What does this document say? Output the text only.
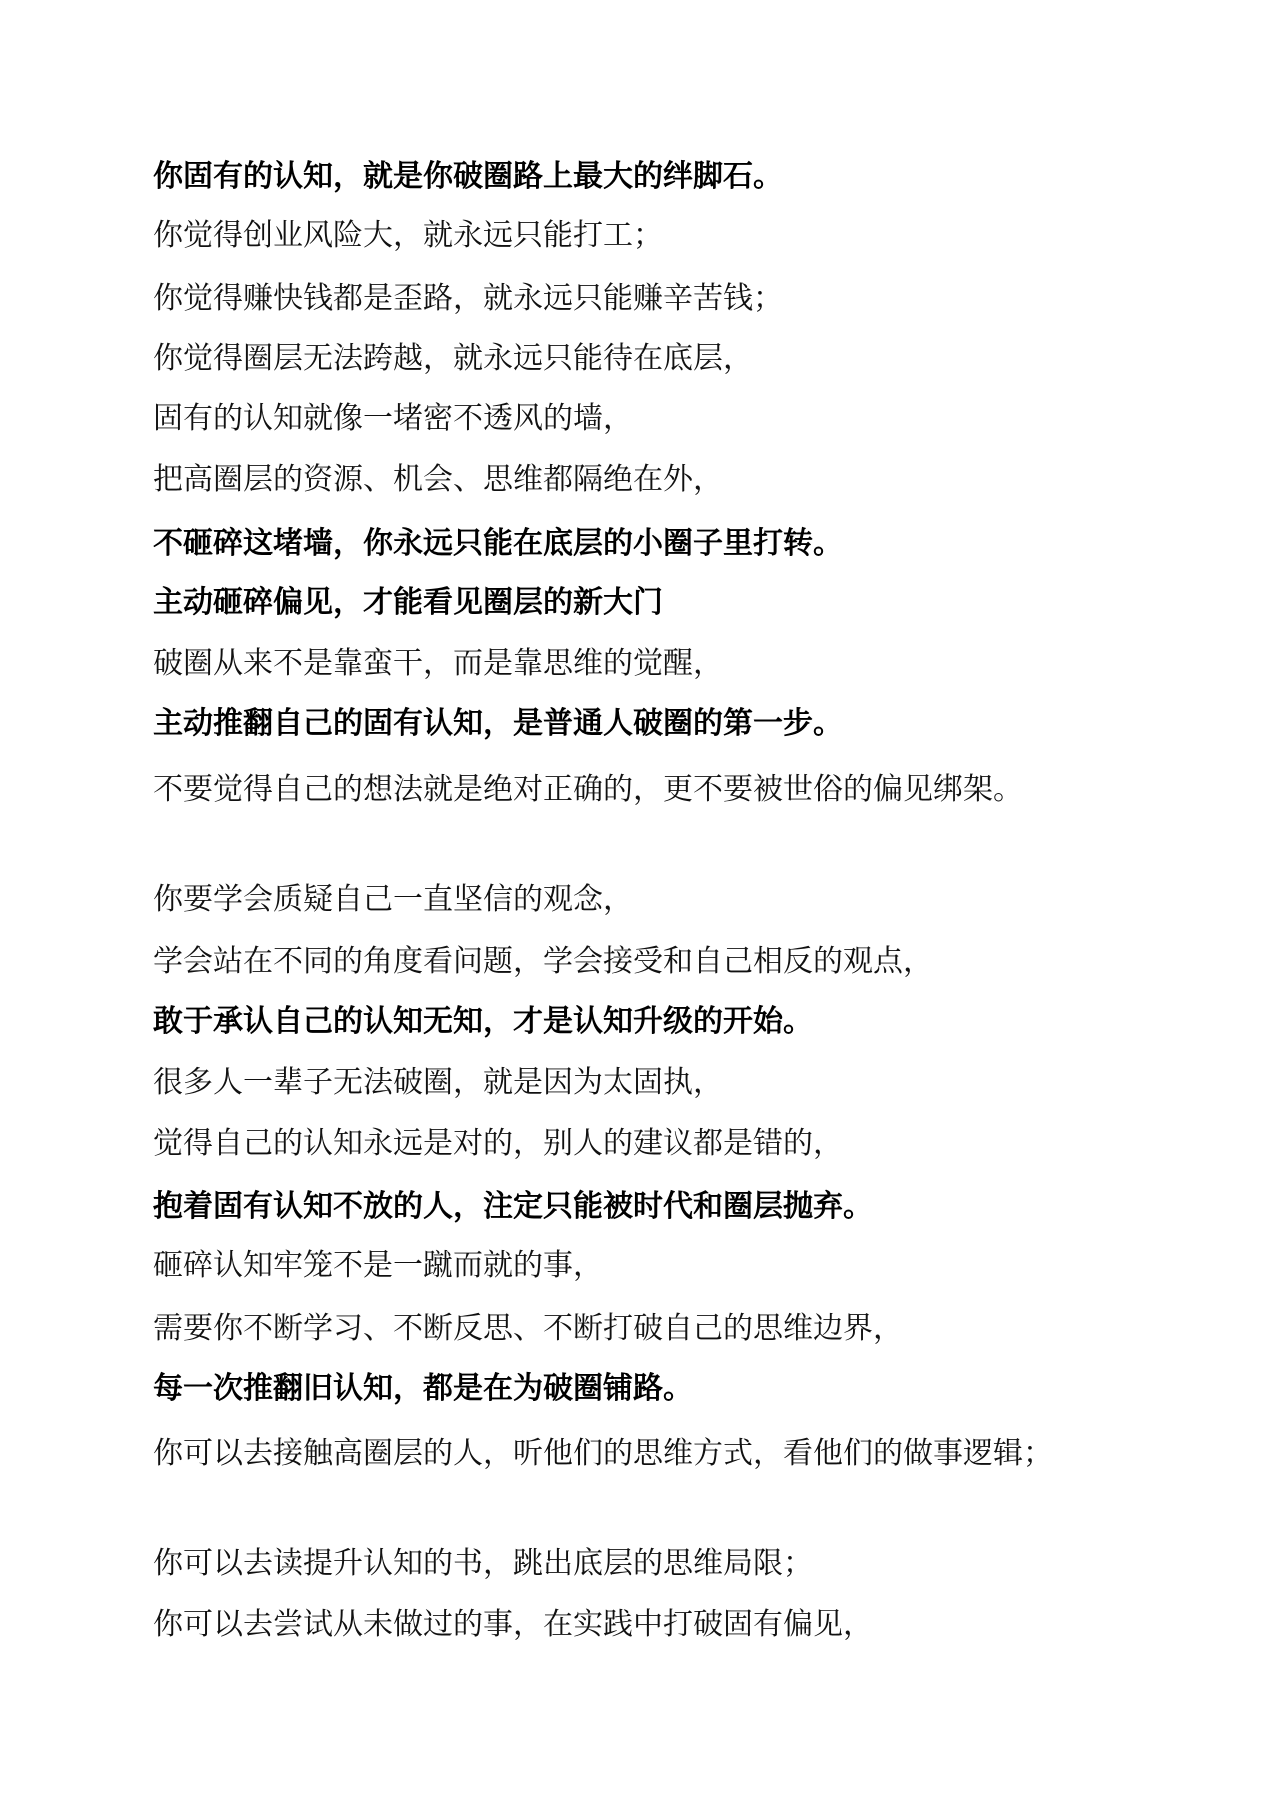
你固有的认知，就是你破圈路上最大的绊脚石。

你觉得创业风险大，就永远只能打工；

你觉得赚快钱都是歪路，就永远只能赚辛苦钱；

你觉得圈层无法跨越，就永远只能待在底层，

固有的认知就像一堵密不透风的墙，

把高圈层的资源、机会、思维都隔绝在外，

不砸碎这堵墙，你永远只能在底层的小圈子里打转。

主动砸碎偏见，才能看见圈层的新大门

破圈从来不是靠蛮干，而是靠思维的觉醒，

主动推翻自己的固有认知，是普通人破圈的第一步。

不要觉得自己的想法就是绝对正确的，更不要被世俗的偏见绑架。

你要学会质疑自己一直坚信的观念，

学会站在不同的角度看问题，学会接受和自己相反的观点，

敢于承认自己的认知无知，才是认知升级的开始。

很多人一辈子无法破圈，就是因为太固执，

觉得自己的认知永远是对的，别人的建议都是错的，

抱着固有认知不放的人，注定只能被时代和圈层抛弃。

砸碎认知牢笼不是一蹴而就的事，

需要你不断学习、不断反思、不断打破自己的思维边界，

每一次推翻旧认知，都是在为破圈铺路。

你可以去接触高圈层的人，听他们的思维方式，看他们的做事逻辑；

你可以去读提升认知的书，跳出底层的思维局限；

你可以去尝试从未做过的事，在实践中打破固有偏见，
